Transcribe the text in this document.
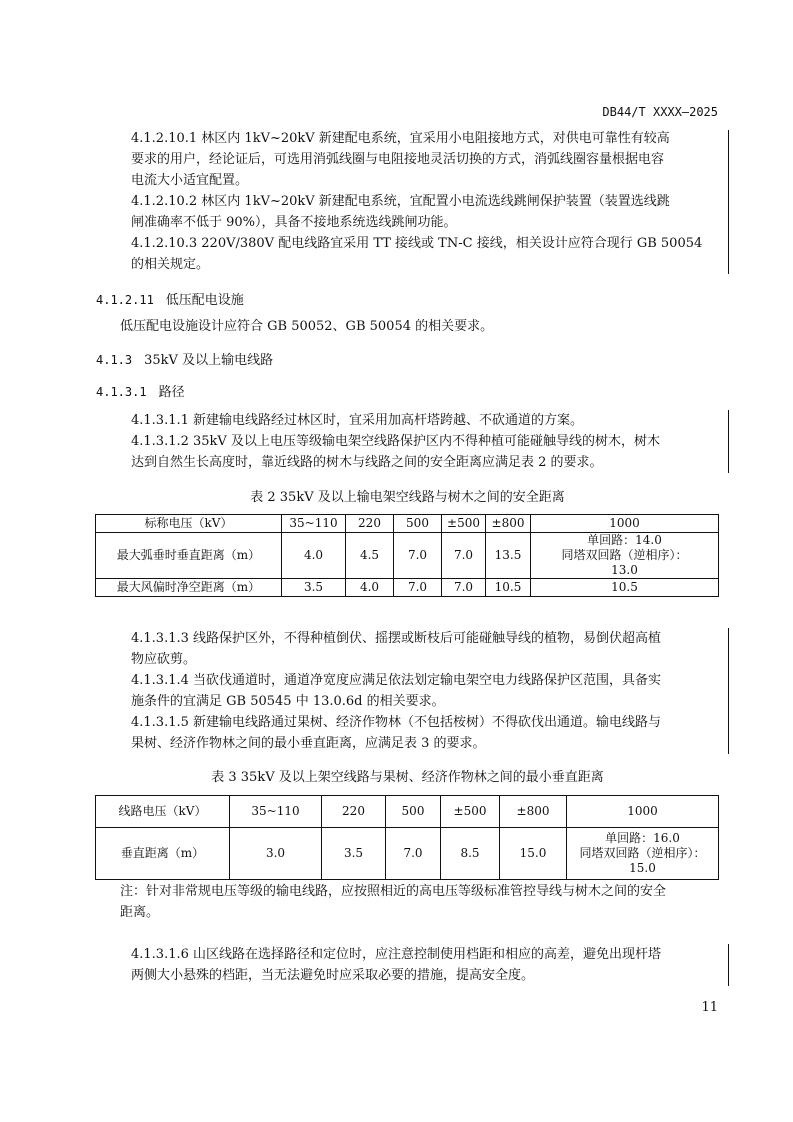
DB44/T XXXX—2025

4.1.2.10.1 林区内 1kV~20kV 新建配电系统，宜采用小电阻接地方式，对供电可靠性有较高
要求的用户，经论证后，可选用消弧线圈与电阻接地灵活切换的方式，消弧线圈容量根据电容
电流大小适宜配置。

4.1.2.10.2 林区内 1kV~20kV 新建配电系统，宜配置小电流选线跳闸保护装置（装置选线跳
闸准确率不低于 90%），具备不接地系统选线跳闸功能。

4.1.2.10.3 220V/380V 配电线路宜采用 TT 接线或 TN-C 接线，相关设计应符合现行 GB 50054
的相关规定。

4.1.2.11 低压配电设施

低压配电设施设计应符合 GB 50052、GB 50054 的相关要求。

4.1.3 35kV 及以上输电线路
4.1.3.1 路径

4.1.3.1.1 新建输电线路经过林区时，宜采用加高杆塔跨越、不砍通道的方案。

4.1.3.1.2 35kV 及以上电压等级输电架空线路保护区内不得种植可能碰触导线的树木，树木
达到自然生长高度时，靠近线路的树木与线路之间的安全距离应满足表 2 的要求。

表 2 35kV 及以上输电架空线路与树木之间的安全距离
标称电压（kV）	35~110	220	500	±500	±800	1000
最大弧垂时垂直距离（m）	4.0	4.5	7.0	7.0	13.5	单回路：14.0
同塔双回路（逆相序）：
13.0
最大风偏时净空距离（m）	3.5	4.0	7.0	7.0	10.5	10.5

4.1.3.1.3 线路保护区外，不得种植倒伏、摇摆或断枝后可能碰触导线的植物，易倒伏超高植
物应砍剪。

4.1.3.1.4 当砍伐通道时，通道净宽度应满足依法划定输电架空电力线路保护区范围，具备实
施条件的宜满足 GB 50545 中 13.0.6d 的相关要求。

4.1.3.1.5 新建输电线路通过果树、经济作物林（不包括桉树）不得砍伐出通道。输电线路与
果树、经济作物林之间的最小垂直距离，应满足表 3 的要求。

表 3 35kV 及以上架空线路与果树、经济作物林之间的最小垂直距离
线路电压（kV）	35~110	220	500	±500	±800	1000
垂直距离（m）	3.0	3.5	7.0	8.5	15.0	单回路：16.0
同塔双回路（逆相序）：
15.0
注：针对非常规电压等级的输电线路，应按照相近的高电压等级标准管控导线与树木之间的安全
距离。

4.1.3.1.6 山区线路在选择路径和定位时，应注意控制使用档距和相应的高差，避免出现杆塔
两侧大小悬殊的档距，当无法避免时应采取必要的措施，提高安全度。

11
